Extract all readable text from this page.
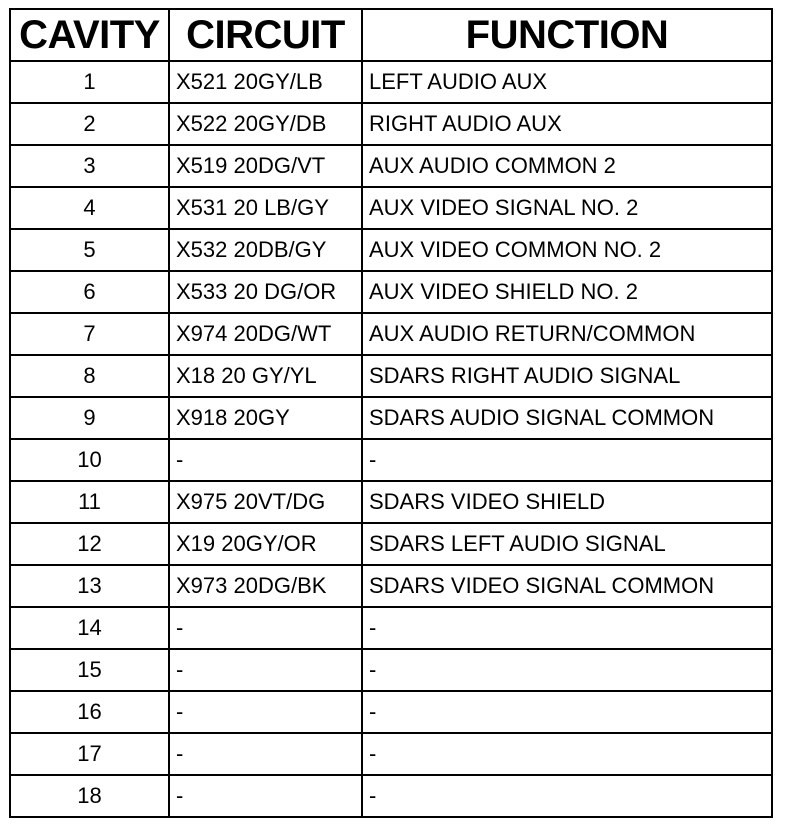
CAVITY	CIRCUIT	FUNCTION
1	X521 20GY/LB	LEFT AUDIO AUX
2	X522 20GY/DB	RIGHT AUDIO AUX
3	X519 20DG/VT	AUX AUDIO COMMON 2
4	X531 20 LB/GY	AUX VIDEO SIGNAL NO. 2
5	X532 20DB/GY	AUX VIDEO COMMON NO. 2
6	X533 20 DG/OR	AUX VIDEO SHIELD NO. 2
7	X974 20DG/WT	AUX AUDIO RETURN/COMMON
8	X18 20 GY/YL	SDARS RIGHT AUDIO SIGNAL
9	X918 20GY	SDARS AUDIO SIGNAL COMMON
10	-	-
11	X975 20VT/DG	SDARS VIDEO SHIELD
12	X19 20GY/OR	SDARS LEFT AUDIO SIGNAL
13	X973 20DG/BK	SDARS VIDEO SIGNAL COMMON
14	-	-
15	-	-
16	-	-
17	-	-
18	-	-
